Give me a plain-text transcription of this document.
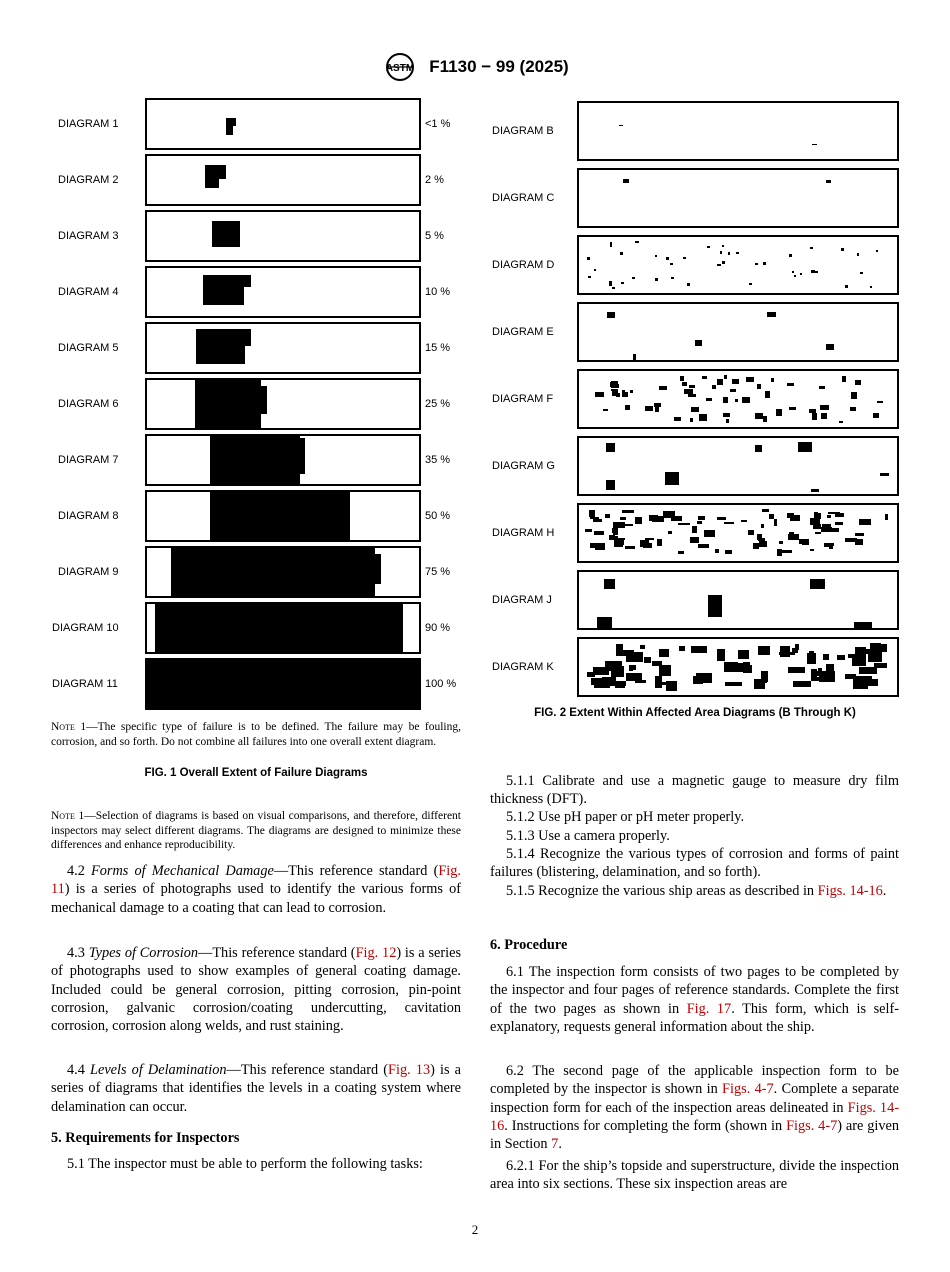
ASTM F1130 − 99 (2025)
DIAGRAM 1	<1 %
DIAGRAM 2	2 %
DIAGRAM 3	5 %
DIAGRAM 4	10 %
DIAGRAM 5	15 %
DIAGRAM 6	25 %
DIAGRAM 7	35 %
DIAGRAM 8	50 %
DIAGRAM 9	75 %
DIAGRAM 10	90 %
DIAGRAM 11	100 %
Note 1—The specific type of failure is to be defined. The failure may be fouling, corrosion, and so forth. Do not combine all failures into one overall extent diagram.
FIG. 1 Overall Extent of Failure Diagrams
DIAGRAM B
DIAGRAM C
DIAGRAM D
DIAGRAM E
DIAGRAM F
DIAGRAM G
DIAGRAM H
DIAGRAM J
DIAGRAM K
FIG. 2 Extent Within Affected Area Diagrams (B Through K)
Note 1—Selection of diagrams is based on visual comparisons, and therefore, different inspectors may select different diagrams. The diagrams are designed to minimize these differences and enhance reproducibility.

4.2 Forms of Mechanical Damage—This reference standard (Fig. 11) is a series of photographs used to identify the various forms of mechanical damage to a coating that can lead to corrosion.

4.3 Types of Corrosion—This reference standard (Fig. 12) is a series of photographs used to show examples of general coating damage. Included could be general corrosion, pitting corrosion, pin-point corrosion, galvanic corrosion/coating undercutting, cavitation corrosion, corrosion along welds, and rust staining.

4.4 Levels of Delamination—This reference standard (Fig. 13) is a series of diagrams that identifies the levels in a coating system where delamination can occur.

5. Requirements for Inspectors

5.1 The inspector must be able to perform the following tasks:

5.1.1 Calibrate and use a magnetic gauge to measure dry film thickness (DFT).

5.1.2 Use pH paper or pH meter properly.

5.1.3 Use a camera properly.

5.1.4 Recognize the various types of corrosion and forms of paint failures (blistering, delamination, and so forth).

5.1.5 Recognize the various ship areas as described in Figs. 14-16.

6. Procedure

6.1 The inspection form consists of two pages to be completed by the inspector and four pages of reference standards. Complete the first of the two pages as shown in Fig. 17. This form, which is self-explanatory, requests general information about the ship.

6.2 The second page of the applicable inspection form to be completed by the inspector is shown in Figs. 4-7. Complete a separate inspection form for each of the inspection areas delineated in Figs. 14-16. Instructions for completing the form (shown in Figs. 4-7) are given in Section 7.

6.2.1 For the ship’s topside and superstructure, divide the inspection area into six sections. These six inspection areas are

2
